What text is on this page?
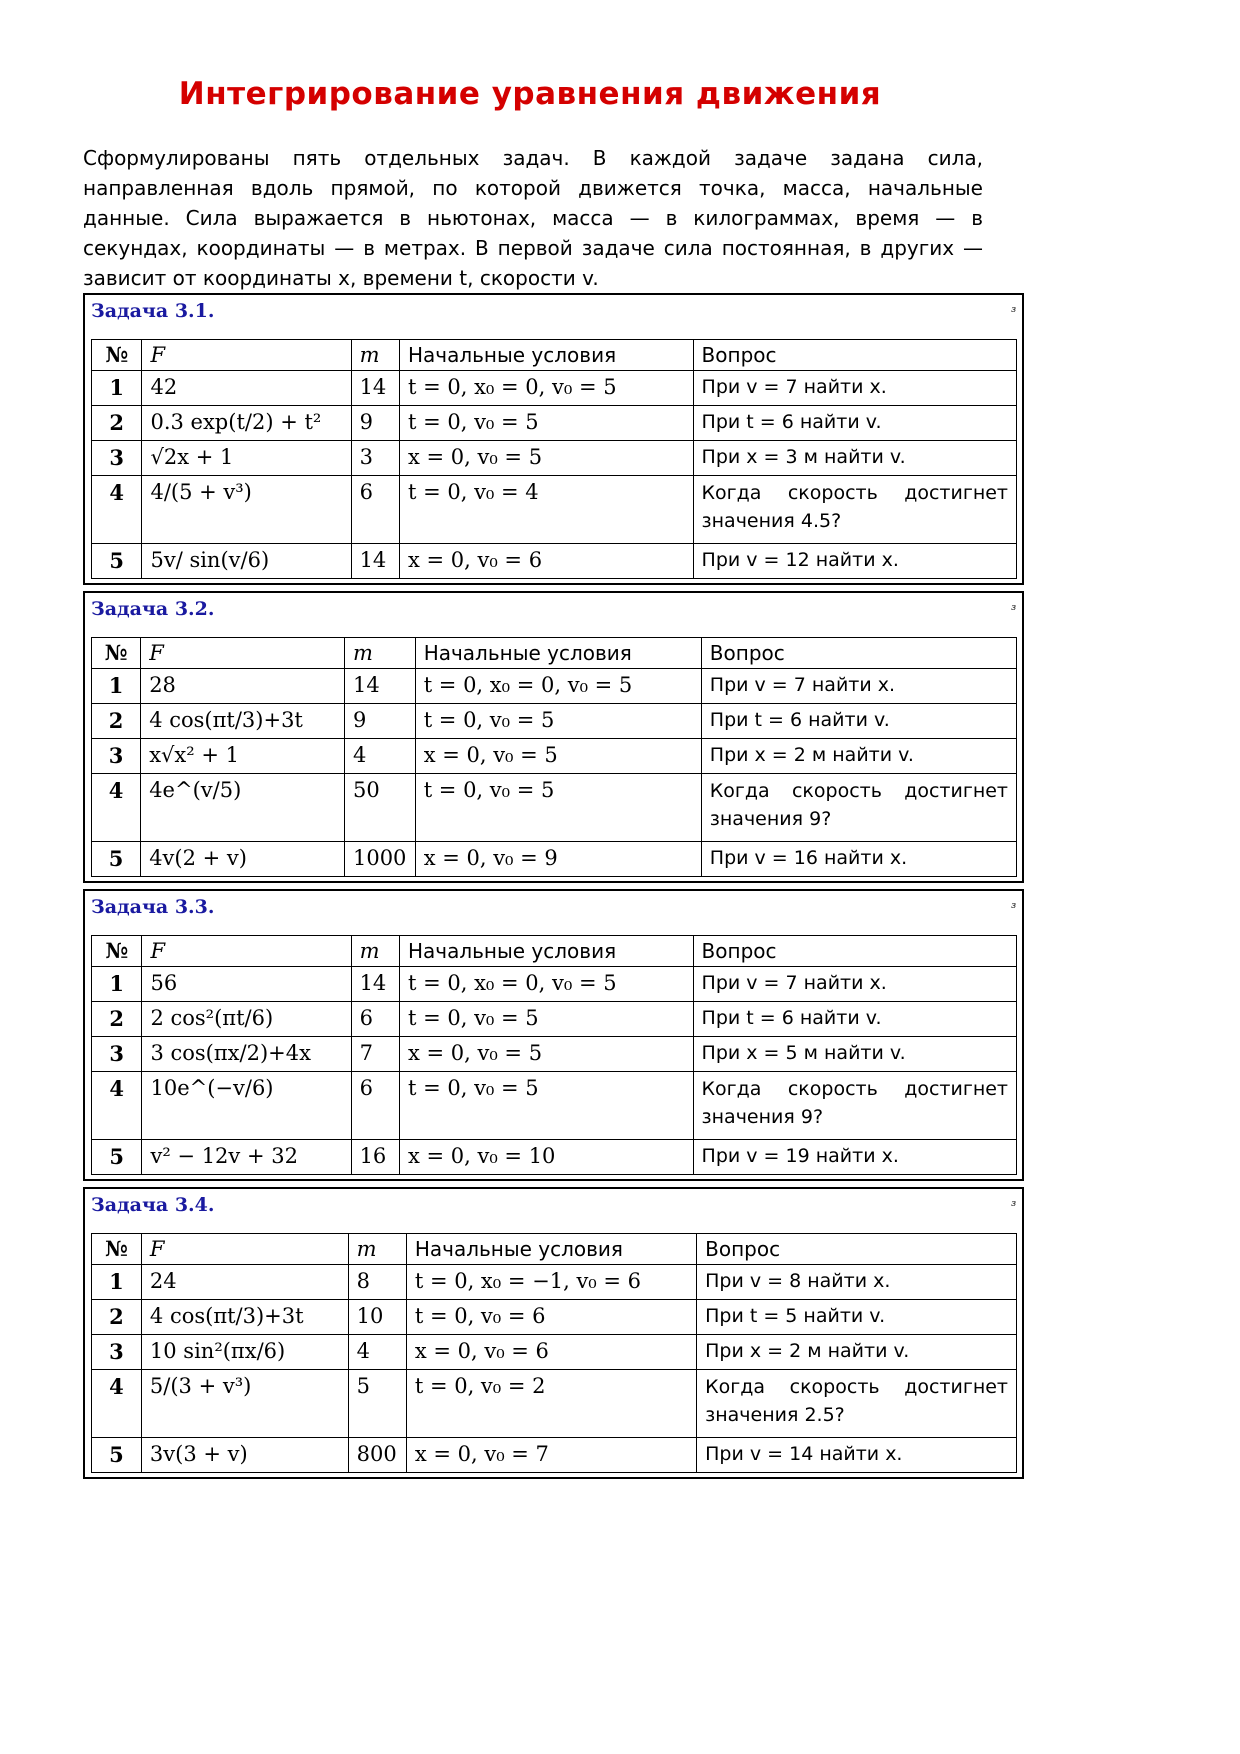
Интегрирование уравнения движения
Сформулированы пять отдельных задач. В каждой задаче задана сила, направленная вдоль прямой, по которой движется точка, масса, начальные данные. Сила выражается в ньютонах, масса — в килограммах, время — в секундах, координаты — в метрах. В первой задаче сила постоянная, в других — зависит от координаты x, времени t, скорости v.
Задача 3.1.	з
№	F	m	Начальные условия	Вопрос
1	42	14	t = 0, x₀ = 0, v₀ = 5	При v = 7 найти x.
2	0.3 exp(t/2) + t²	9	t = 0, v₀ = 5	При t = 6 найти v.
3	√2x + 1	3	x = 0, v₀ = 5	При x = 3 м найти v.
4	4/(5 + v³)	6	t = 0, v₀ = 4	Когда скорость достигнет значения 4.5?
5	5v/ sin(v/6)	14	x = 0, v₀ = 6	При v = 12 найти x.
Задача 3.2.	з
№	F	m	Начальные условия	Вопрос
1	28	14	t = 0, x₀ = 0, v₀ = 5	При v = 7 найти x.
2	4 cos(πt/3)+3t	9	t = 0, v₀ = 5	При t = 6 найти v.
3	x√x² + 1	4	x = 0, v₀ = 5	При x = 2 м найти v.
4	4e^(v/5)	50	t = 0, v₀ = 5	Когда скорость достигнет значения 9?
5	4v(2 + v)	1000	x = 0, v₀ = 9	При v = 16 найти x.
Задача 3.3.	з
№	F	m	Начальные условия	Вопрос
1	56	14	t = 0, x₀ = 0, v₀ = 5	При v = 7 найти x.
2	2 cos²(πt/6)	6	t = 0, v₀ = 5	При t = 6 найти v.
3	3 cos(πx/2)+4x	7	x = 0, v₀ = 5	При x = 5 м найти v.
4	10e^(−v/6)	6	t = 0, v₀ = 5	Когда скорость достигнет значения 9?
5	v² − 12v + 32	16	x = 0, v₀ = 10	При v = 19 найти x.
Задача 3.4.	з
№	F	m	Начальные условия	Вопрос
1	24	8	t = 0, x₀ = −1, v₀ = 6	При v = 8 найти x.
2	4 cos(πt/3)+3t	10	t = 0, v₀ = 6	При t = 5 найти v.
3	10 sin²(πx/6)	4	x = 0, v₀ = 6	При x = 2 м найти v.
4	5/(3 + v³)	5	t = 0, v₀ = 2	Когда скорость достигнет значения 2.5?
5	3v(3 + v)	800	x = 0, v₀ = 7	При v = 14 найти x.
